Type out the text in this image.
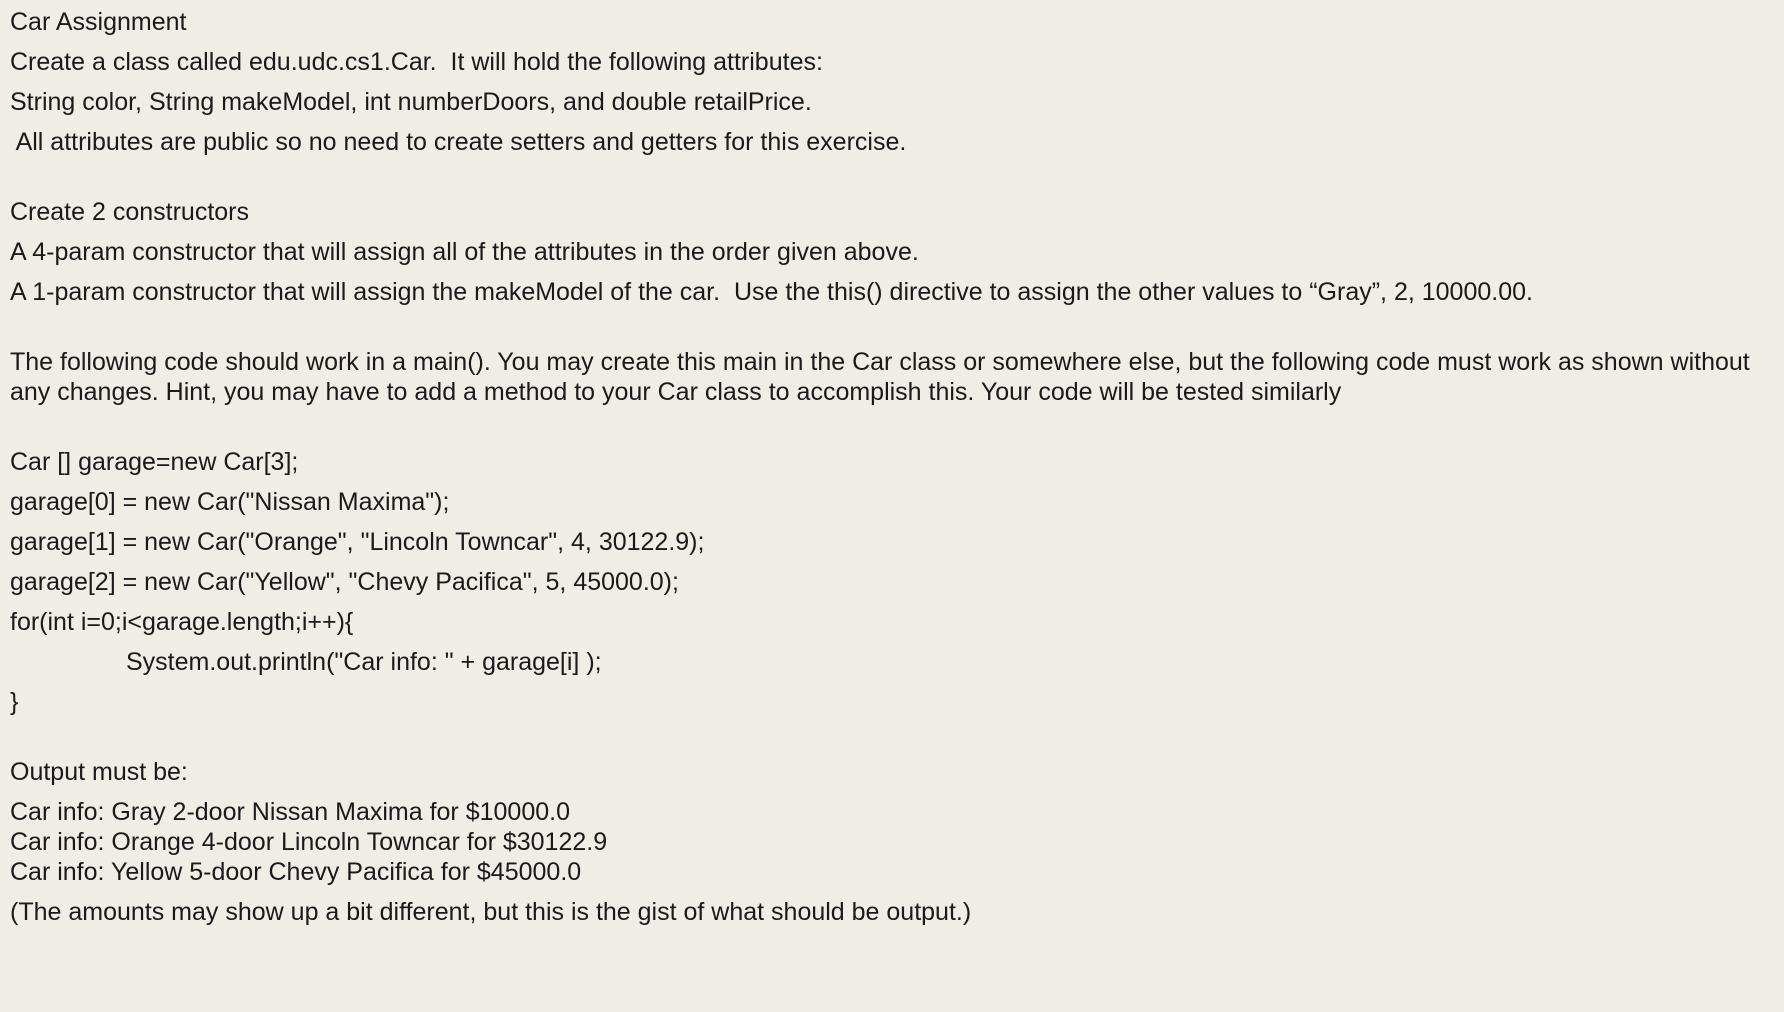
Car Assignment
Create a class called edu.udc.cs1.Car.  It will hold the following attributes:
String color, String makeModel, int numberDoors, and double retailPrice.
All attributes are public so no need to create setters and getters for this exercise.
Create 2 constructors
A 4-param constructor that will assign all of the attributes in the order given above.
A 1-param constructor that will assign the makeModel of the car.  Use the this() directive to assign the other values to “Gray”, 2, 10000.00.
The following code should work in a main(). You may create this main in the Car class or somewhere else, but the following code must work as shown without any changes. Hint, you may have to add a method to your Car class to accomplish this. Your code will be tested similarly
Car [] garage=new Car[3];
garage[0] = new Car("Nissan Maxima");
garage[1] = new Car("Orange", "Lincoln Towncar", 4, 30122.9);
garage[2] = new Car("Yellow", "Chevy Pacifica", 5, 45000.0);
for(int i=0;i<garage.length;i++){
System.out.println("Car info: " + garage[i] );
}
Output must be:
Car info: Gray 2-door Nissan Maxima for $10000.0
Car info: Orange 4-door Lincoln Towncar for $30122.9
Car info: Yellow 5-door Chevy Pacifica for $45000.0
(The amounts may show up a bit different, but this is the gist of what should be output.)
